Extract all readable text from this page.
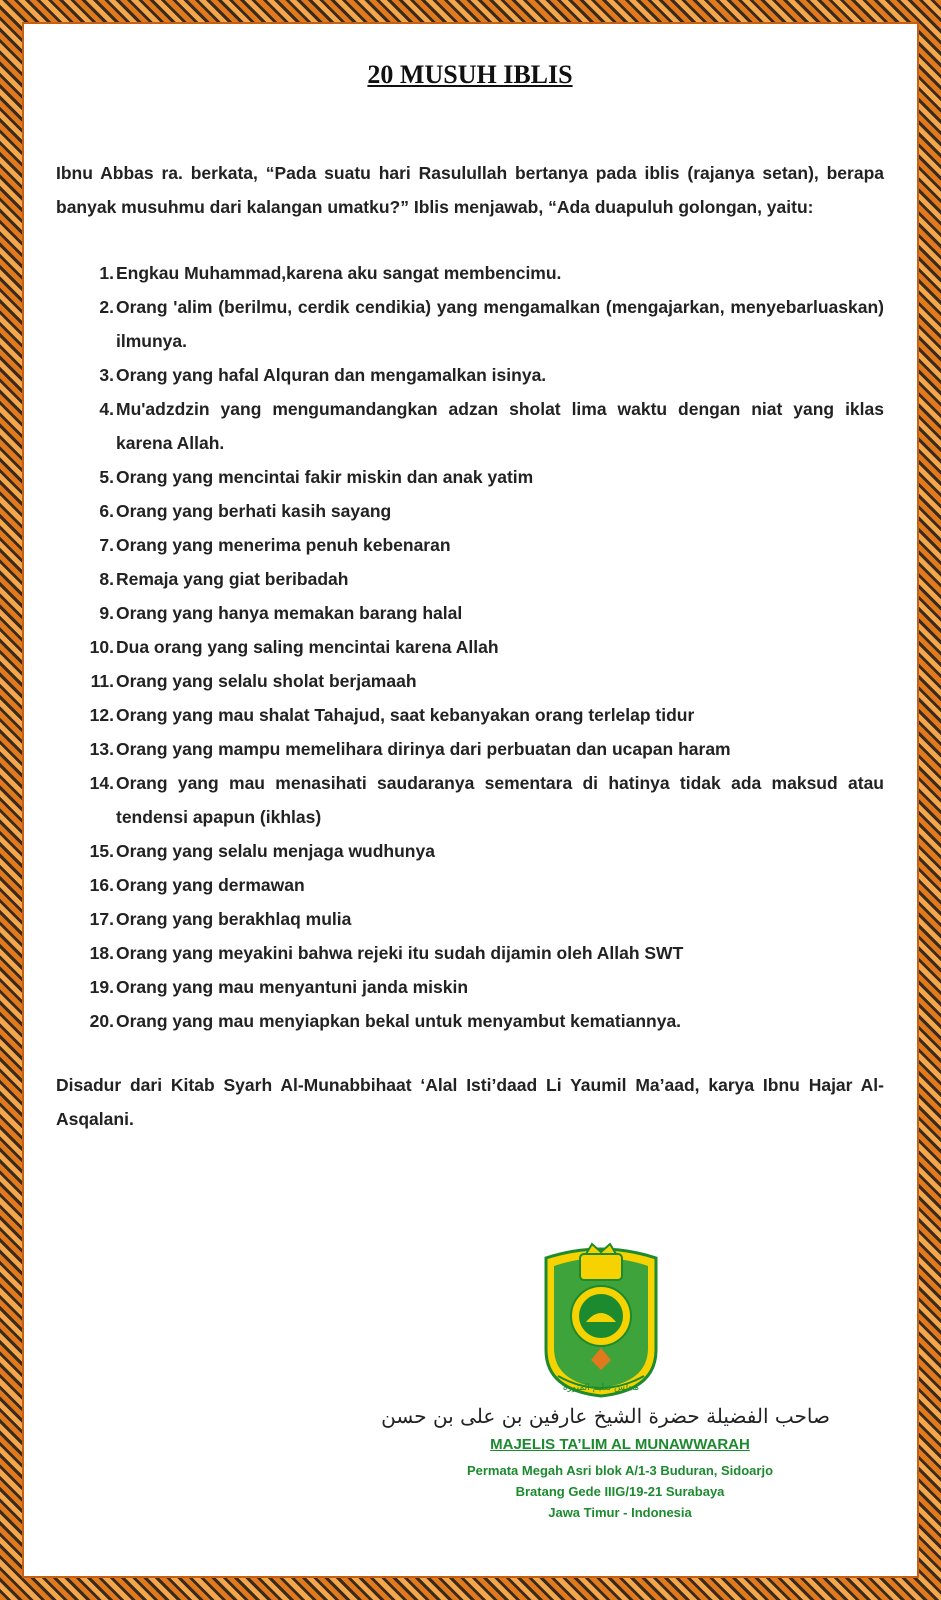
20 MUSUH IBLIS

Ibnu Abbas ra. berkata, “Pada suatu hari Rasulullah bertanya pada iblis (rajanya setan), berapa banyak musuhmu dari kalangan umatku?” Iblis menjawab, “Ada duapuluh golongan, yaitu:

1. Engkau Muhammad,karena aku sangat membencimu.
2. Orang 'alim (berilmu, cerdik cendikia) yang mengamalkan (mengajarkan, menyebarluaskan) ilmunya.
3. Orang yang hafal Alquran dan mengamalkan isinya.
4. Mu'adzdzin yang mengumandangkan adzan sholat lima waktu dengan niat yang iklas karena Allah.
5. Orang yang mencintai fakir miskin dan anak yatim
6. Orang yang berhati kasih sayang
7. Orang yang menerima penuh kebenaran
8. Remaja yang giat beribadah
9. Orang yang hanya memakan barang halal
10. Dua orang yang saling mencintai karena Allah
11. Orang yang selalu sholat berjamaah
12. Orang yang mau shalat Tahajud, saat kebanyakan orang terlelap tidur
13. Orang yang mampu memelihara dirinya dari perbuatan dan ucapan haram
14. Orang yang mau menasihati saudaranya sementara di hatinya tidak ada maksud atau tendensi apapun (ikhlas)
15. Orang yang selalu menjaga wudhunya
16. Orang yang dermawan
17. Orang yang berakhlaq mulia
18. Orang yang meyakini bahwa rejeki itu sudah dijamin oleh Allah SWT
19. Orang yang mau menyantuni janda miskin
20. Orang yang mau menyiapkan bekal untuk menyambut kematiannya.

Disadur dari Kitab Syarh Al-Munabbihaat ‘Alal Isti’daad Li Yaumil Ma’aad, karya Ibnu Hajar Al-Asqalani.

مجلس تعليم المنورة
صاحب الفضيلة حضرة الشيخ عارفين بن على بن حسن
MAJELIS TA’LIM AL MUNAWWARAH
Permata Megah Asri blok A/1-3 Buduran, Sidoarjo
Bratang Gede IIIG/19-21 Surabaya
Jawa Timur - Indonesia
